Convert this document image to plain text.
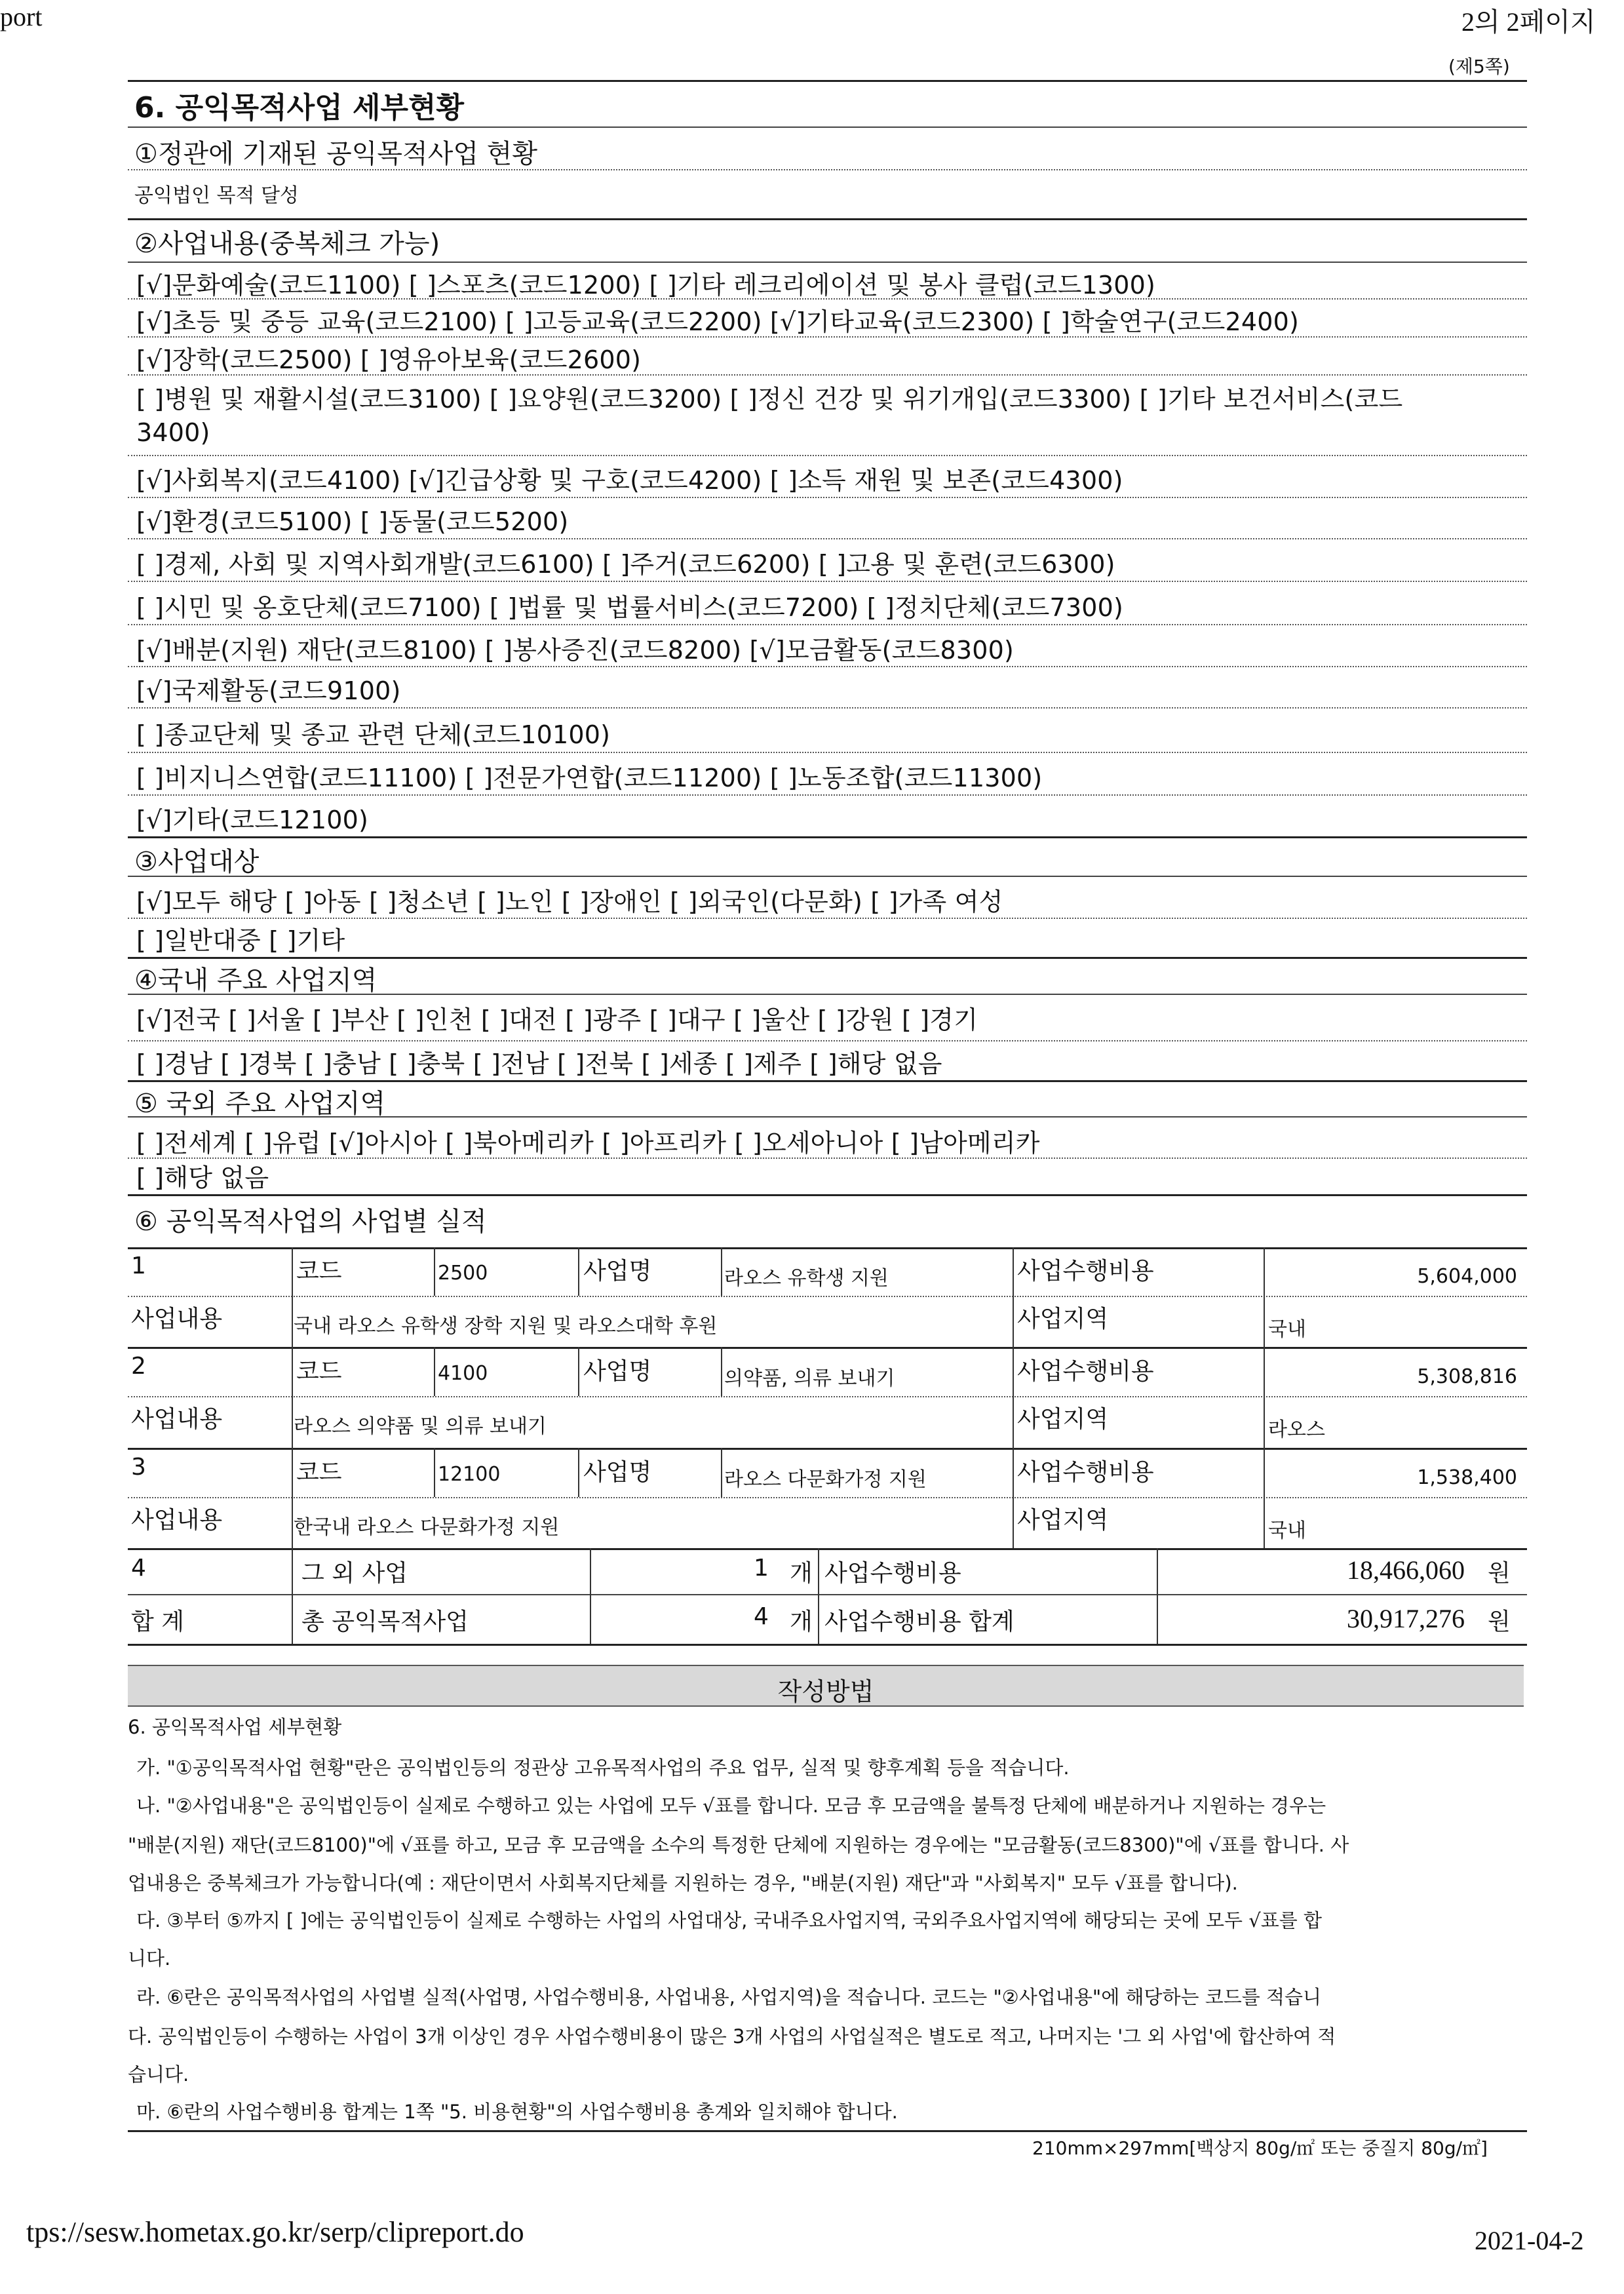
port	2의 2페이지
tps://sesw.hometax.go.kr/serp/clipreport.do	2021-04-2
(제5쪽)
6. 공익목적사업 세부현황
①정관에 기재된 공익목적사업 현황
공익법인 목적 달성
②사업내용(중복체크 가능)
[√]문화예술(코드1100) [ ]스포츠(코드1200) [ ]기타 레크리에이션 및 봉사 클럽(코드1300)
[√]초등 및 중등 교육(코드2100) [ ]고등교육(코드2200) [√]기타교육(코드2300) [ ]학술연구(코드2400)
[√]장학(코드2500) [ ]영유아보육(코드2600)
[ ]병원 및 재활시설(코드3100) [ ]요양원(코드3200) [ ]정신 건강 및 위기개입(코드3300) [ ]기타 보건서비스(코드
3400)
[√]사회복지(코드4100) [√]긴급상황 및 구호(코드4200) [ ]소득 재원 및 보존(코드4300)
[√]환경(코드5100) [ ]동물(코드5200)
[ ]경제, 사회 및 지역사회개발(코드6100) [ ]주거(코드6200) [ ]고용 및 훈련(코드6300)
[ ]시민 및 옹호단체(코드7100) [ ]법률 및 법률서비스(코드7200) [ ]정치단체(코드7300)
[√]배분(지원) 재단(코드8100) [ ]봉사증진(코드8200) [√]모금활동(코드8300)
[√]국제활동(코드9100)
[ ]종교단체 및 종교 관련 단체(코드10100)
[ ]비지니스연합(코드11100) [ ]전문가연합(코드11200) [ ]노동조합(코드11300)
[√]기타(코드12100)
③사업대상
[√]모두 해당 [ ]아동 [ ]청소년 [ ]노인 [ ]장애인 [ ]외국인(다문화) [ ]가족 여성
[ ]일반대중 [ ]기타
④국내 주요 사업지역
[√]전국 [ ]서울 [ ]부산 [ ]인천 [ ]대전 [ ]광주 [ ]대구 [ ]울산 [ ]강원 [ ]경기
[ ]경남 [ ]경북 [ ]충남 [ ]충북 [ ]전남 [ ]전북 [ ]세종 [ ]제주 [ ]해당 없음
⑤ 국외 주요 사업지역
[ ]전세계 [ ]유럽 [√]아시아 [ ]북아메리카 [ ]아프리카 [ ]오세아니아 [ ]남아메리카
[ ]해당 없음
⑥ 공익목적사업의 사업별 실적
1	코드	2500	사업명	라오스 유학생 지원	사업수행비용	5,604,000
사업내용	국내 라오스 유학생 장학 지원 및 라오스대학 후원	사업지역	국내
2	코드	4100	사업명	의약품, 의류 보내기	사업수행비용	5,308,816
사업내용	라오스 의약품 및 의류 보내기	사업지역	라오스
3	코드	12100	사업명	라오스 다문화가정 지원	사업수행비용	1,538,400
사업내용	한국내 라오스 다문화가정 지원	사업지역	국내
4	그 외 사업	1 개 사업수행비용	18,466,060 원
합 계	총 공익목적사업	4 개 사업수행비용 합계	30,917,276 원
작성방법
6. 공익목적사업 세부현황
가. "①공익목적사업 현황"란은 공익법인등의 정관상 고유목적사업의 주요 업무, 실적 및 향후계획 등을 적습니다.
나. "②사업내용"은 공익법인등이 실제로 수행하고 있는 사업에 모두 √표를 합니다. 모금 후 모금액을 불특정 단체에 배분하거나 지원하는 경우는
"배분(지원) 재단(코드8100)"에 √표를 하고, 모금 후 모금액을 소수의 특정한 단체에 지원하는 경우에는 "모금활동(코드8300)"에 √표를 합니다. 사
업내용은 중복체크가 가능합니다(예 : 재단이면서 사회복지단체를 지원하는 경우, "배분(지원) 재단"과 "사회복지" 모두 √표를 합니다).
다. ③부터 ⑤까지 [ ]에는 공익법인등이 실제로 수행하는 사업의 사업대상, 국내주요사업지역, 국외주요사업지역에 해당되는 곳에 모두 √표를 합
니다.
라. ⑥란은 공익목적사업의 사업별 실적(사업명, 사업수행비용, 사업내용, 사업지역)을 적습니다. 코드는 "②사업내용"에 해당하는 코드를 적습니
다. 공익법인등이 수행하는 사업이 3개 이상인 경우 사업수행비용이 많은 3개 사업의 사업실적은 별도로 적고, 나머지는 '그 외 사업'에 합산하여 적
습니다.
마. ⑥란의 사업수행비용 합계는 1쪽 "5. 비용현황"의 사업수행비용 총계와 일치해야 합니다.
210mm×297mm[백상지 80g/㎡ 또는 중질지 80g/㎡]
